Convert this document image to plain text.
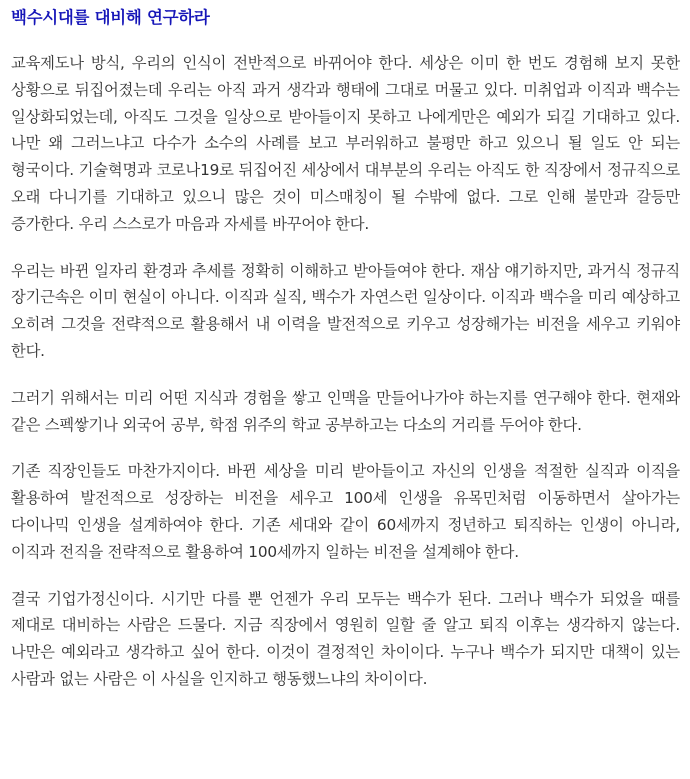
백수시대를 대비해 연구하라

교육제도나 방식, 우리의 인식이 전반적으로 바뀌어야 한다. 세상은 이미 한 번도 경험해 보지 못한 상황으로 뒤집어졌는데 우리는 아직 과거 생각과 행태에 그대로 머물고 있다. 미취업과 이직과 백수는 일상화되었는데, 아직도 그것을 일상으로 받아들이지 못하고 나에게만은 예외가 되길 기대하고 있다. 나만 왜 그러느냐고 다수가 소수의 사례를 보고 부러워하고 불평만 하고 있으니 될 일도 안 되는 형국이다. 기술혁명과 코로나19로 뒤집어진 세상에서 대부분의 우리는 아직도 한 직장에서 정규직으로 오래 다니기를 기대하고 있으니 많은 것이 미스매칭이 될 수밖에 없다. 그로 인해 불만과 갈등만 증가한다. 우리 스스로가 마음과 자세를 바꾸어야 한다.

우리는 바뀐 일자리 환경과 추세를 정확히 이해하고 받아들여야 한다. 재삼 얘기하지만, 과거식 정규직 장기근속은 이미 현실이 아니다. 이직과 실직, 백수가 자연스런 일상이다. 이직과 백수을 미리 예상하고 오히려 그것을 전략적으로 활용해서 내 이력을 발전적으로 키우고 성장해가는 비전을 세우고 키워야 한다.

그러기 위해서는 미리 어떤 지식과 경험을 쌓고 인맥을 만들어나가야 하는지를 연구해야 한다. 현재와 같은 스펙쌓기나 외국어 공부, 학점 위주의 학교 공부하고는 다소의 거리를 두어야 한다.

기존 직장인들도 마찬가지이다. 바뀐 세상을 미리 받아들이고 자신의 인생을 적절한 실직과 이직을 활용하여 발전적으로 성장하는 비전을 세우고 100세 인생을 유목민처럼 이동하면서 살아가는 다이나믹 인생을 설계하여야 한다. 기존 세대와 같이 60세까지 정년하고 퇴직하는 인생이 아니라, 이직과 전직을 전략적으로 활용하여 100세까지 일하는 비전을 설계해야 한다.

결국 기업가정신이다. 시기만 다를 뿐 언젠가 우리 모두는 백수가 된다. 그러나 백수가 되었을 때를 제대로 대비하는 사람은 드물다. 지금 직장에서 영원히 일할 줄 알고 퇴직 이후는 생각하지 않는다. 나만은 예외라고 생각하고 싶어 한다. 이것이 결정적인 차이이다. 누구나 백수가 되지만 대책이 있는 사람과 없는 사람은 이 사실을 인지하고 행동했느냐의 차이이다.
